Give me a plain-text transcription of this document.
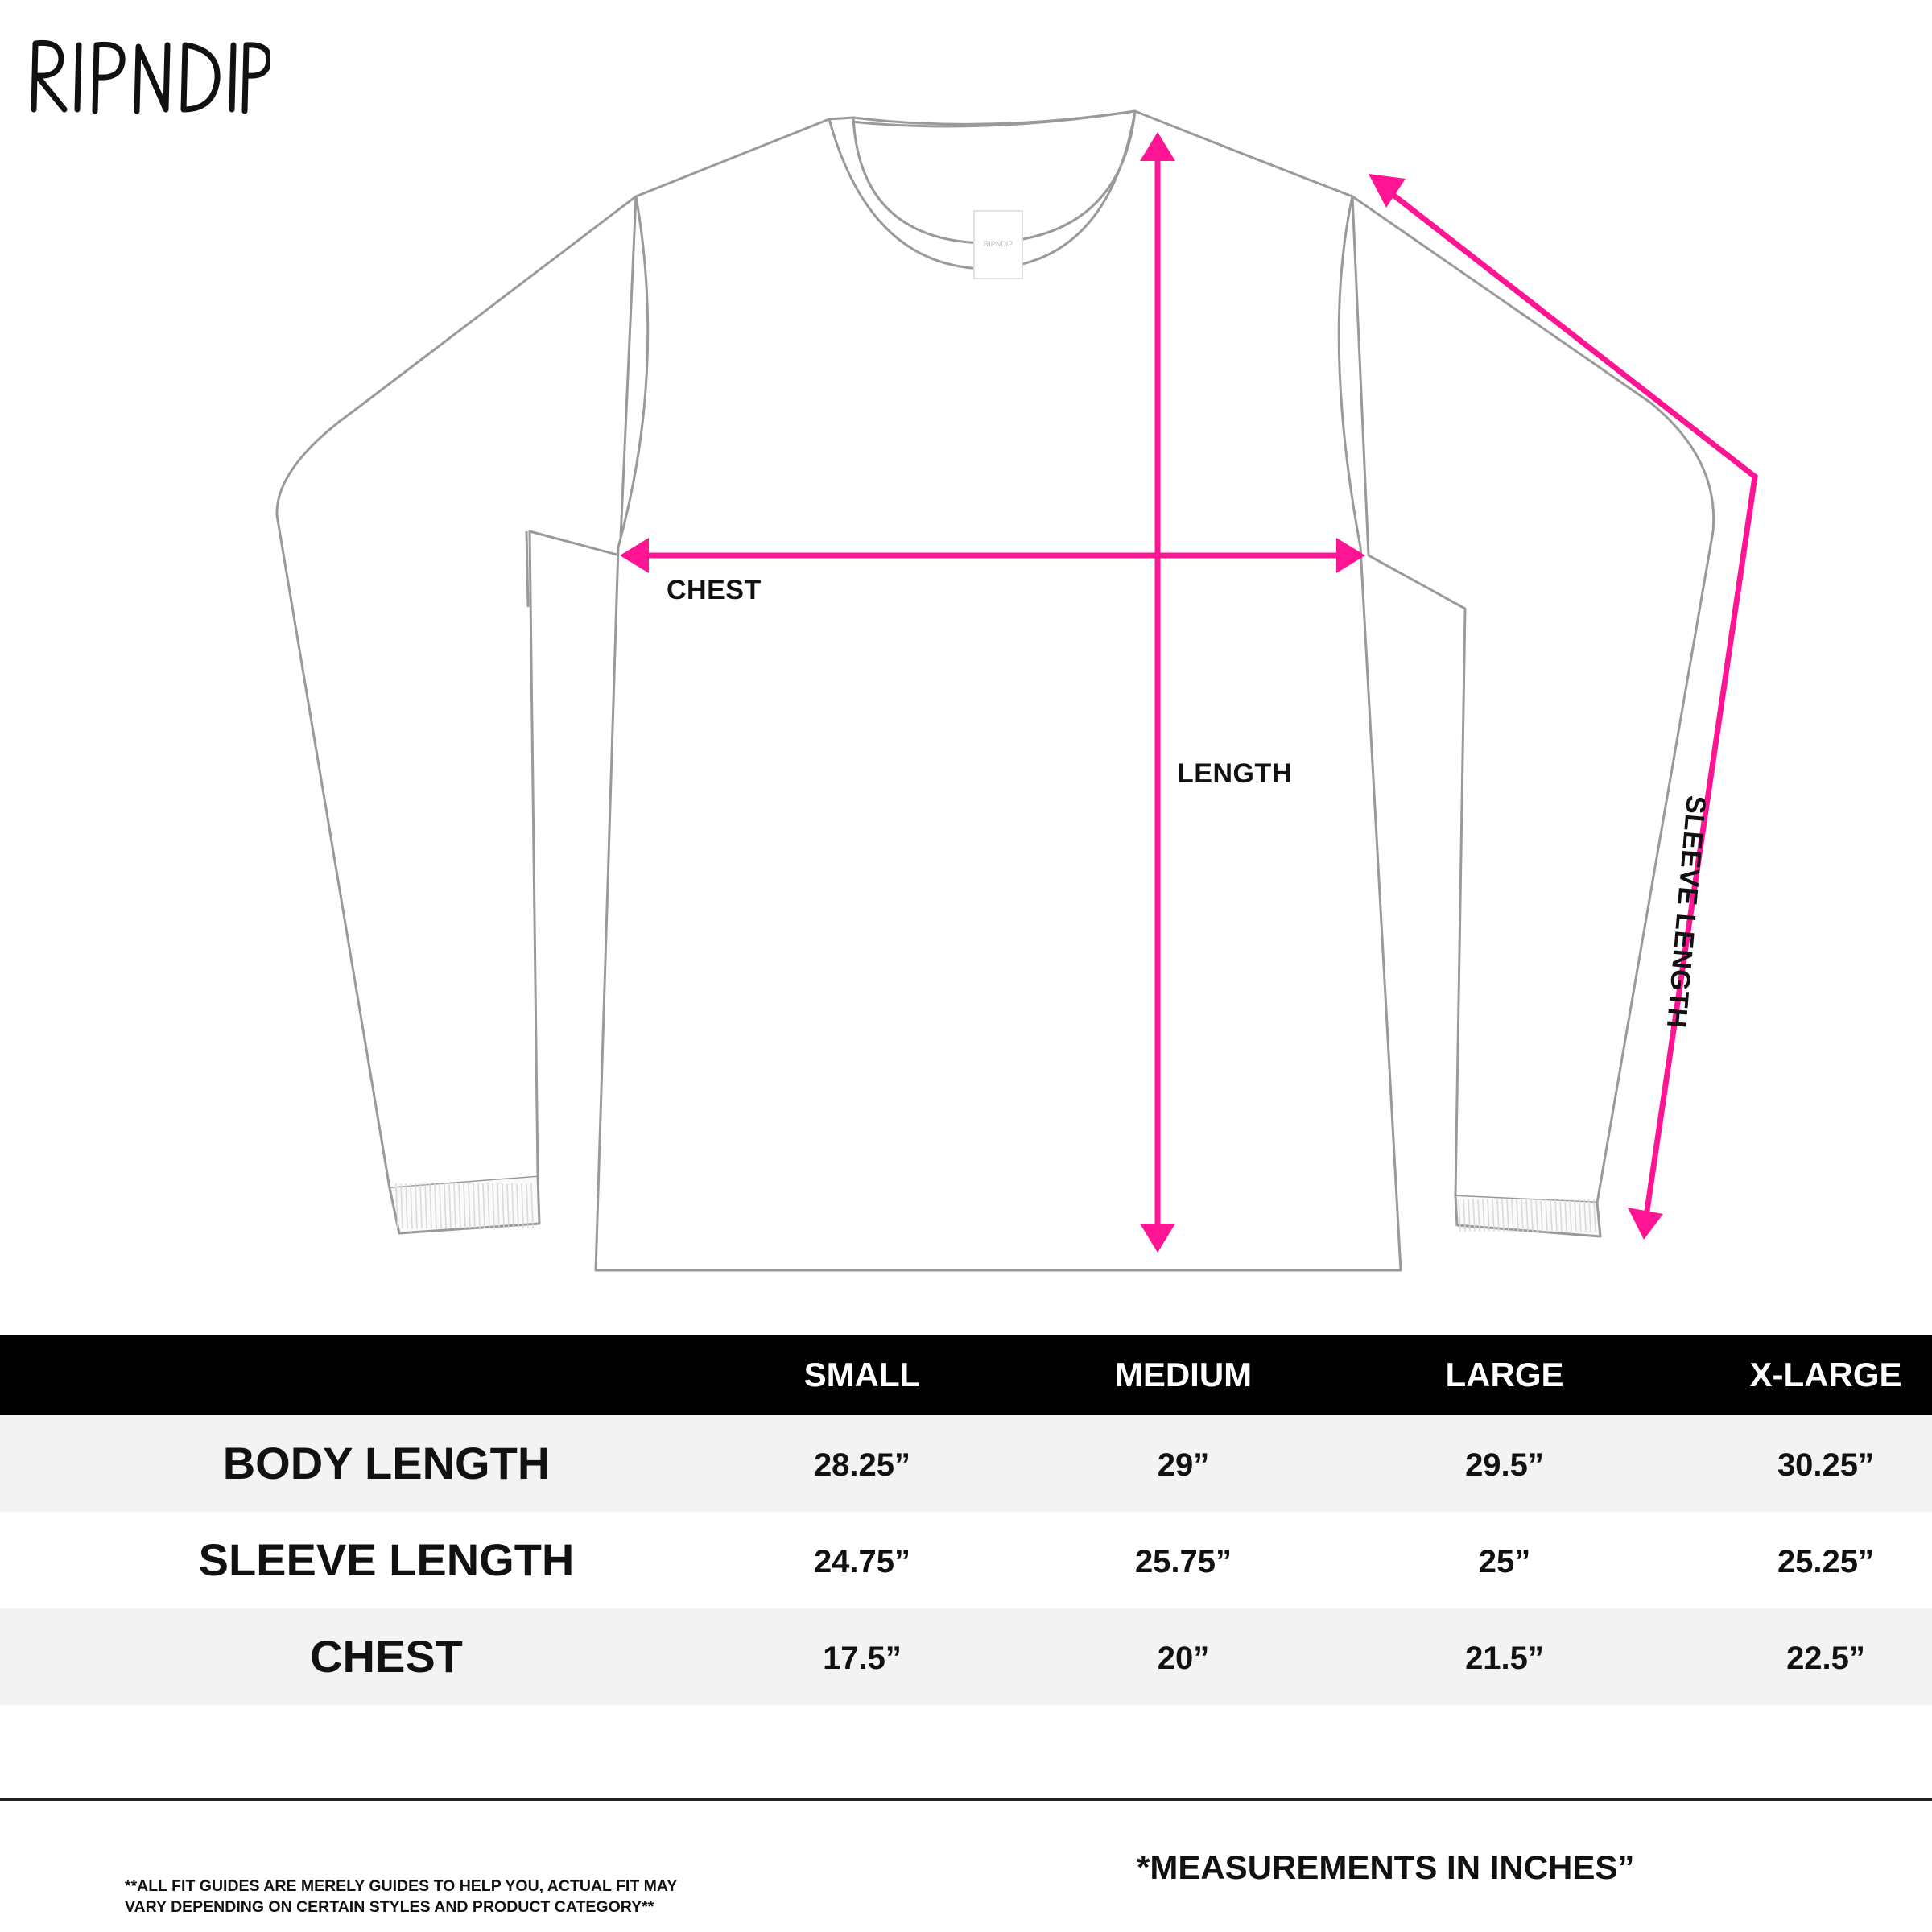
RIPNDIP
CHEST
LENGTH
SLEEVE LENGTH
SMALL	MEDIUM	LARGE	X-LARGE
BODY LENGTH	28.25”	29”	29.5”	30.25”
SLEEVE LENGTH	24.75”	25.75”	25”	25.25”
CHEST	17.5”	20”	21.5”	22.5”
**ALL FIT GUIDES ARE MERELY GUIDES TO HELP YOU, ACTUAL FIT MAY
VARY DEPENDING ON CERTAIN STYLES AND PRODUCT CATEGORY**
*MEASUREMENTS IN INCHES”
